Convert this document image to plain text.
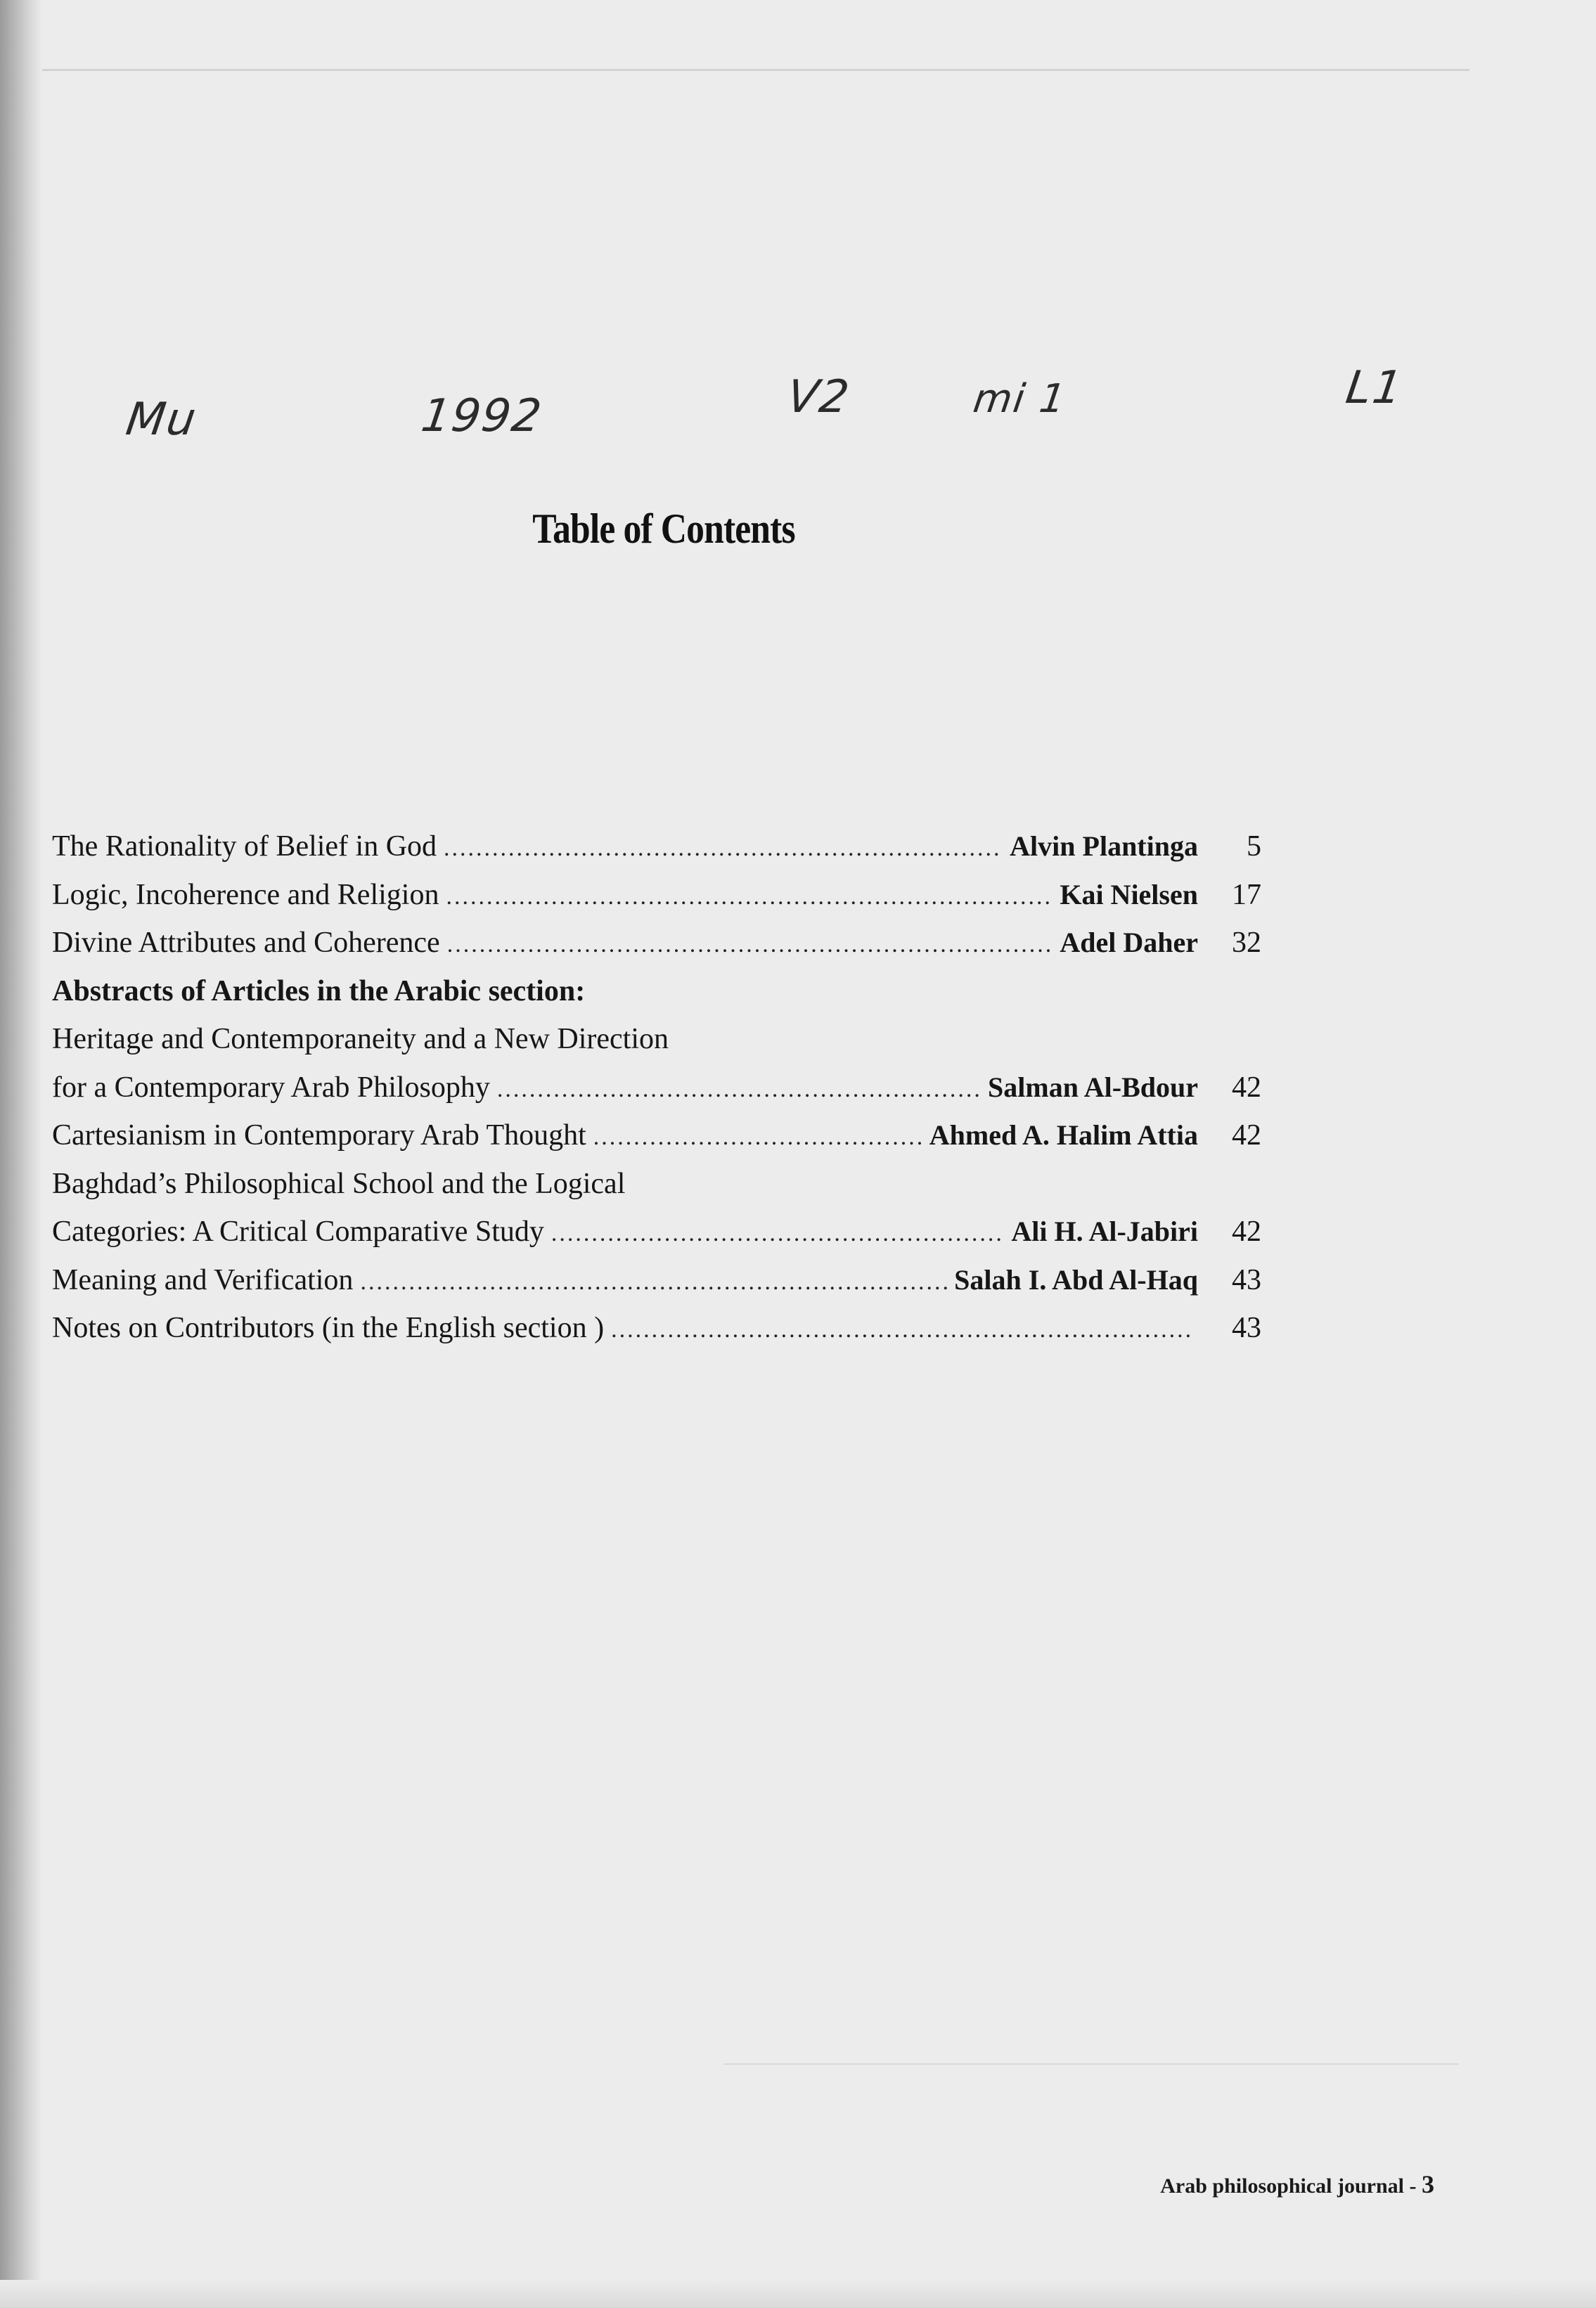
Mu	1992	V2	mi 1	L1
Table of Contents
The Rationality of Belief in God .....	Alvin Plantinga	5
Logic, Incoherence and Religion .....	Kai Nielsen	17
Divine Attributes and Coherence .....	Adel Daher	32
Abstracts of Articles in the Arabic section:
Heritage and Contemporaneity and a New Direction
for a Contemporary Arab Philosophy .....	Salman Al-Bdour	42
Cartesianism in Contemporary Arab Thought .....	Ahmed A. Halim Attia	42
Baghdad’s Philosophical School and the Logical
Categories: A Critical Comparative Study .....	Ali H. Al-Jabiri	42
Meaning and Verification .....	Salah I. Abd Al-Haq	43
Notes on Contributors (in the English section ) .....	43
Arab philosophical journal - 3
